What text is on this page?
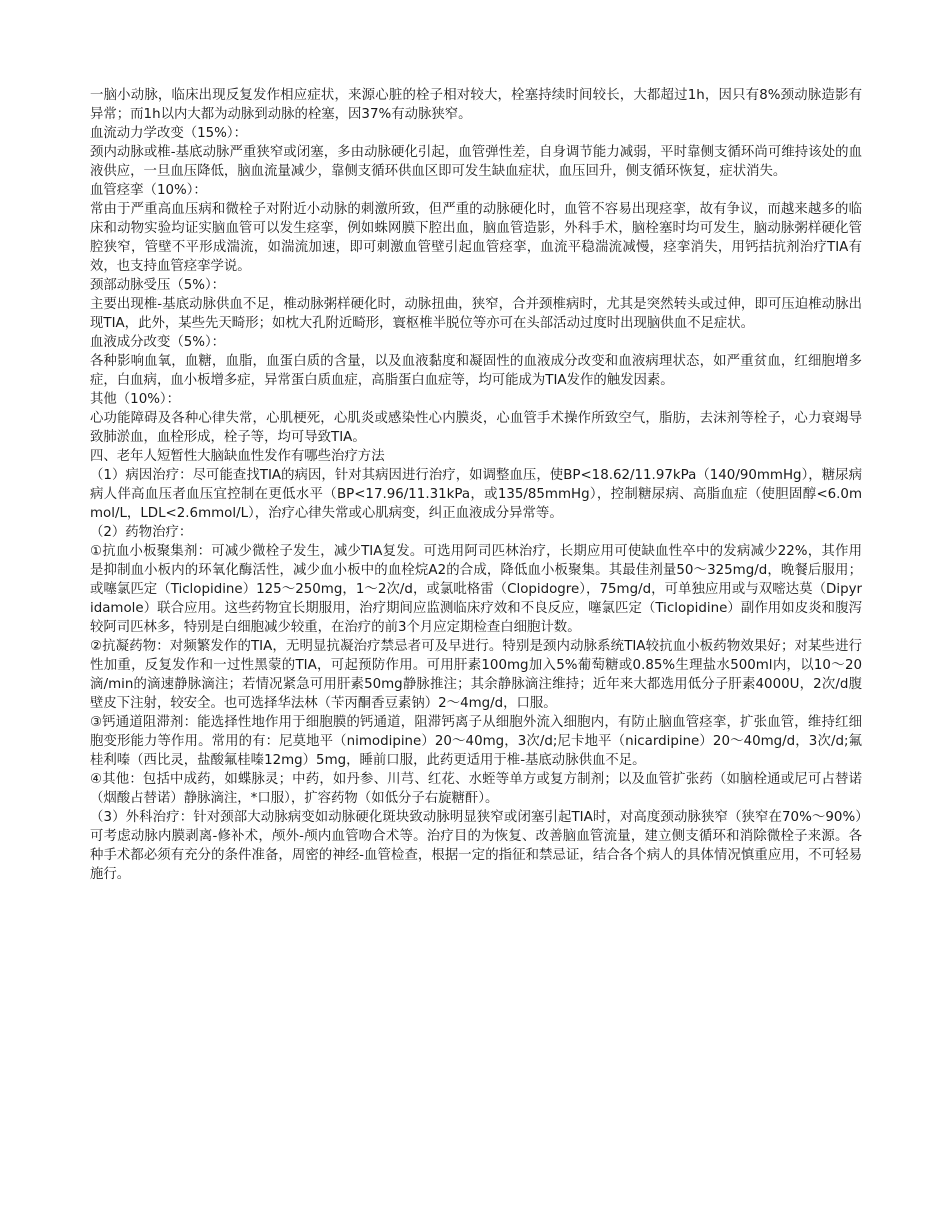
一脑小动脉，临床出现反复发作相应症状，来源心脏的栓子相对较大，栓塞持续时间较长，大都超过1h，因只有8%颈动脉造影有异常；而1h以内大都为动脉到动脉的栓塞，因37%有动脉狭窄。

血流动力学改变（15%）：

颈内动脉或椎-基底动脉严重狭窄或闭塞，多由动脉硬化引起，血管弹性差，自身调节能力减弱，平时靠侧支循环尚可维持该处的血液供应，一旦血压降低，脑血流量减少，靠侧支循环供血区即可发生缺血症状，血压回升，侧支循环恢复，症状消失。

血管痉挛（10%）：

常由于严重高血压病和微栓子对附近小动脉的刺激所致，但严重的动脉硬化时，血管不容易出现痉挛，故有争议，而越来越多的临床和动物实验均证实脑血管可以发生痉挛，例如蛛网膜下腔出血，脑血管造影，外科手术，脑栓塞时均可发生，脑动脉粥样硬化管腔狭窄，管壁不平形成湍流，如湍流加速，即可刺激血管壁引起血管痉挛，血流平稳湍流减慢，痉挛消失，用钙拮抗剂治疗TIA有效，也支持血管痉挛学说。

颈部动脉受压（5%）：

主要出现椎-基底动脉供血不足，椎动脉粥样硬化时，动脉扭曲，狭窄，合并颈椎病时，尤其是突然转头或过伸，即可压迫椎动脉出现TIA，此外，某些先天畸形；如枕大孔附近畸形，寰枢椎半脱位等亦可在头部活动过度时出现脑供血不足症状。

血液成分改变（5%）：

各种影响血氧，血糖，血脂，血蛋白质的含量，以及血液黏度和凝固性的血液成分改变和血液病理状态，如严重贫血，红细胞增多症，白血病，血小板增多症，异常蛋白质血症，高脂蛋白血症等，均可能成为TIA发作的触发因素。

其他（10%）：

心功能障碍及各种心律失常，心肌梗死，心肌炎或感染性心内膜炎，心血管手术操作所致空气，脂肪，去沫剂等栓子，心力衰竭导致肺淤血，血栓形成，栓子等，均可导致TIA。

四、老年人短暂性大脑缺血性发作有哪些治疗方法

（1）病因治疗：尽可能查找TIA的病因，针对其病因进行治疗，如调整血压，使BP<18.62/11.97kPa（140/90mmHg），糖尿病病人伴高血压者血压宜控制在更低水平（BP<17.96/11.31kPa，或135/85mmHg），控制糖尿病、高脂血症（使胆固醇<6.0mmol/L，LDL<2.6mmol/L），治疗心律失常或心肌病变，纠正血液成分异常等。

（2）药物治疗：

①抗血小板聚集剂：可减少微栓子发生，减少TIA复发。可选用阿司匹林治疗，长期应用可使缺血性卒中的发病减少22%，其作用是抑制血小板内的环氧化酶活性，减少血小板中的血栓烷A2的合成，降低血小板聚集。其最佳剂量50～325mg/d，晚餐后服用；或噻氯匹定（Ticlopidine）125～250mg，1～2次/d，或氯吡格雷（Clopidogre），75mg/d，可单独应用或与双嘧达莫（Dipyridamole）联合应用。这些药物宜长期服用，治疗期间应监测临床疗效和不良反应，噻氯匹定（Ticlopidine）副作用如皮炎和腹泻较阿司匹林多，特别是白细胞减少较重，在治疗的前3个月应定期检查白细胞计数。

②抗凝药物：对频繁发作的TIA，无明显抗凝治疗禁忌者可及早进行。特别是颈内动脉系统TIA较抗血小板药物效果好；对某些进行性加重，反复发作和一过性黑蒙的TIA，可起预防作用。可用肝素100mg加入5%葡萄糖或0.85%生理盐水500ml内，以10～20滴/min的滴速静脉滴注；若情况紧急可用肝素50mg静脉推注；其余静脉滴注维持；近年来大都选用低分子肝素4000U，2次/d腹壁皮下注射，较安全。也可选择华法林（苄丙酮香豆素钠）2～4mg/d，口服。

③钙通道阻滞剂：能选择性地作用于细胞膜的钙通道，阻滞钙离子从细胞外流入细胞内，有防止脑血管痉挛，扩张血管，维持红细胞变形能力等作用。常用的有：尼莫地平（nimodipine）20～40mg，3次/d;尼卡地平（nicardipine）20～40mg/d，3次/d;氟桂利嗪（西比灵，盐酸氟桂嗪12mg）5mg，睡前口服，此药更适用于椎-基底动脉供血不足。

④其他：包括中成药，如蝶脉灵；中药，如丹参、川芎、红花、水蛭等单方或复方制剂；以及血管扩张药（如脑栓通或尼可占替诺（烟酸占替诺）静脉滴注，*口服），扩容药物（如低分子右旋糖酐）。

（3）外科治疗：针对颈部大动脉病变如动脉硬化斑块致动脉明显狭窄或闭塞引起TIA时，对高度颈动脉狭窄（狭窄在70%～90%）可考虑动脉内膜剥离-修补术，颅外-颅内血管吻合术等。治疗目的为恢复、改善脑血管流量，建立侧支循环和消除微栓子来源。各种手术都必须有充分的条件准备，周密的神经-血管检查，根据一定的指征和禁忌证，结合各个病人的具体情况慎重应用，不可轻易施行。
